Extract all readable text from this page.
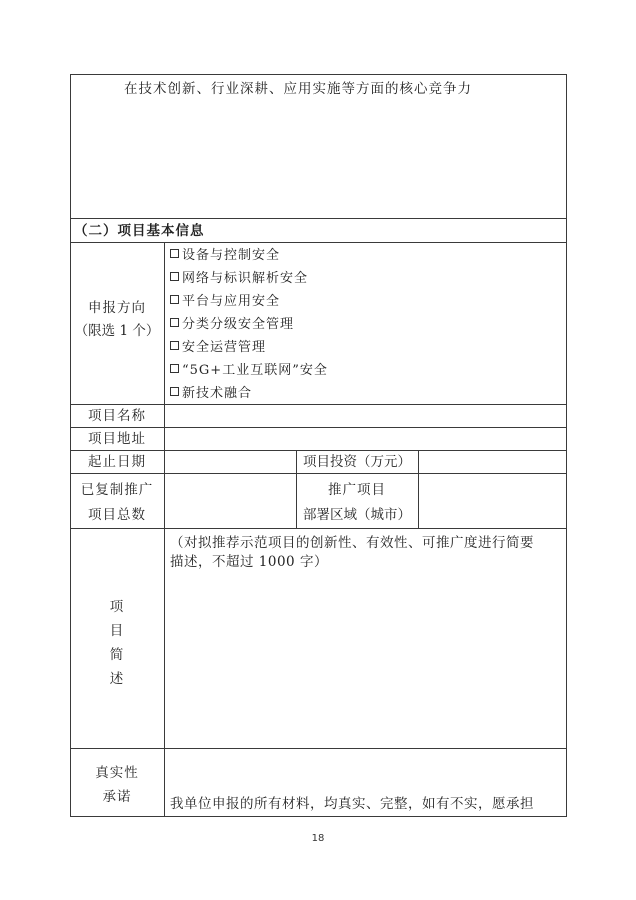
在技术创新、行业深耕、应用实施等方面的核心竞争力
（二）项目基本信息
申报方向
（限选 1 个）
设备与控制安全
网络与标识解析安全
平台与应用安全
分类分级安全管理
安全运营管理
“5G+工业互联网”安全
新技术融合
项目名称
项目地址
起止日期	项目投资（万元）
已复制推广
项目总数
推广项目
部署区域（城市）
项
目
简
述
（对拟推荐示范项目的创新性、有效性、可推广度进行简要
描述，不超过 1000 字）
真实性
承诺	我单位申报的所有材料，均真实、完整，如有不实，愿承担
18
